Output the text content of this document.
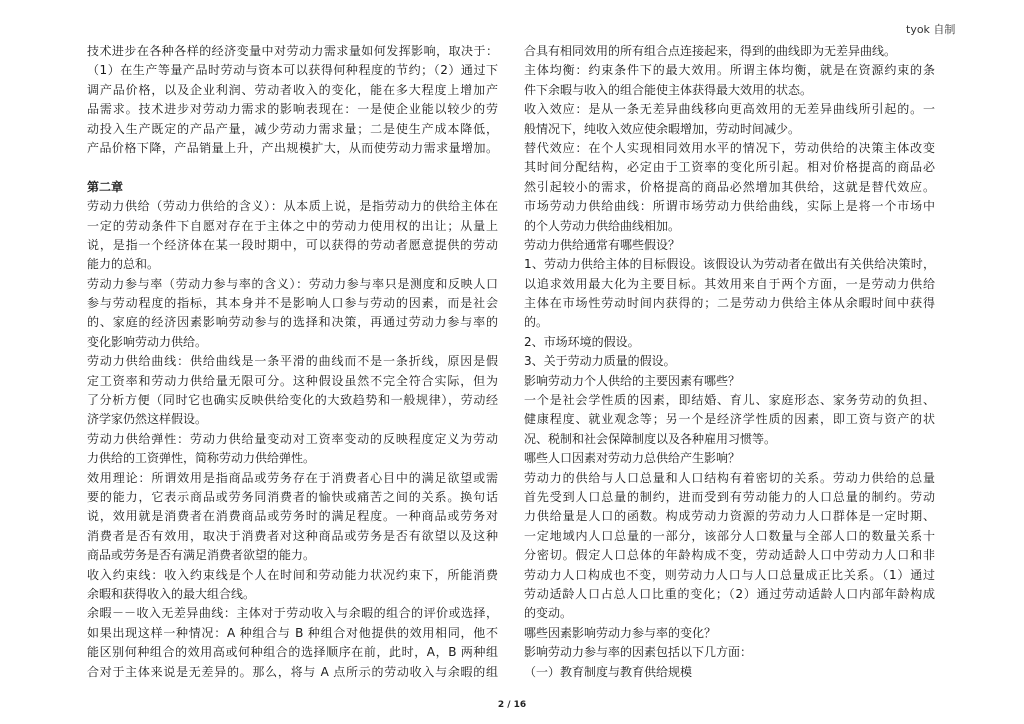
tyok 自制
技术进步在各种各样的经济变量中对劳动力需求量如何发挥影响，取决于：
（1）在生产等量产品时劳动与资本可以获得何种程度的节约；（2）通过下
调产品价格，以及企业利润、劳动者收入的变化，能在多大程度上增加产
品需求。技术进步对劳动力需求的影响表现在：一是使企业能以较少的劳
动投入生产既定的产品产量，减少劳动力需求量；二是使生产成本降低，
产品价格下降，产品销量上升，产出规模扩大，从而使劳动力需求量增加。
第二章
劳动力供给（劳动力供给的含义）：从本质上说，是指劳动力的供给主体在
一定的劳动条件下自愿对存在于主体之中的劳动力使用权的出让；从量上
说，是指一个经济体在某一段时期中，可以获得的劳动者愿意提供的劳动
能力的总和。
劳动力参与率（劳动力参与率的含义）：劳动力参与率只是测度和反映人口
参与劳动程度的指标，其本身并不是影响人口参与劳动的因素，而是社会
的、家庭的经济因素影响劳动参与的选择和决策，再通过劳动力参与率的
变化影响劳动力供给。
劳动力供给曲线：供给曲线是一条平滑的曲线而不是一条折线，原因是假
定工资率和劳动力供给量无限可分。这种假设虽然不完全符合实际，但为
了分析方便（同时它也确实反映供给变化的大致趋势和一般规律），劳动经
济学家仍然这样假设。
劳动力供给弹性：劳动力供给量变动对工资率变动的反映程度定义为劳动
力供给的工资弹性，简称劳动力供给弹性。
效用理论：所谓效用是指商品或劳务存在于消费者心目中的满足欲望或需
要的能力，它表示商品或劳务同消费者的愉快或痛苦之间的关系。换句话
说，效用就是消费者在消费商品或劳务时的满足程度。一种商品或劳务对
消费者是否有效用，取决于消费者对这种商品或劳务是否有欲望以及这种
商品或劳务是否有满足消费者欲望的能力。
收入约束线：收入约束线是个人在时间和劳动能力状况约束下，所能消费
余暇和获得收入的最大组合线。
余暇－－收入无差异曲线：主体对于劳动收入与余暇的组合的评价或选择，
如果出现这样一种情况：A 种组合与 B 种组合对他提供的效用相同，他不
能区别何种组合的效用高或何种组合的选择顺序在前，此时，A，B 两种组
合对于主体来说是无差异的。那么，将与 A 点所示的劳动收入与余暇的组
合具有相同效用的所有组合点连接起来，得到的曲线即为无差异曲线。
主体均衡：约束条件下的最大效用。所谓主体均衡，就是在资源约束的条
件下余暇与收入的组合能使主体获得最大效用的状态。
收入效应：是从一条无差异曲线移向更高效用的无差异曲线所引起的。一
般情况下，纯收入效应使余暇增加，劳动时间减少。
替代效应：在个人实现相同效用水平的情况下，劳动供给的决策主体改变
其时间分配结构，必定由于工资率的变化所引起。相对价格提高的商品必
然引起较小的需求，价格提高的商品必然增加其供给，这就是替代效应。
市场劳动力供给曲线：所谓市场劳动力供给曲线，实际上是将一个市场中
的个人劳动力供给曲线相加。
劳动力供给通常有哪些假设？
1、劳动力供给主体的目标假设。该假设认为劳动者在做出有关供给决策时，
以追求效用最大化为主要目标。其效用来自于两个方面，一是劳动力供给
主体在市场性劳动时间内获得的；二是劳动力供给主体从余暇时间中获得
的。
2、市场环境的假设。
3、关于劳动力质量的假设。
影响劳动力个人供给的主要因素有哪些？
一个是社会学性质的因素，即结婚、育儿、家庭形态、家务劳动的负担、
健康程度、就业观念等；另一个是经济学性质的因素，即工资与资产的状
况、税制和社会保障制度以及各种雇用习惯等。
哪些人口因素对劳动力总供给产生影响？
劳动力的供给与人口总量和人口结构有着密切的关系。劳动力供给的总量
首先受到人口总量的制约，进而受到有劳动能力的人口总量的制约。劳动
力供给量是人口的函数。构成劳动力资源的劳动力人口群体是一定时期、
一定地域内人口总量的一部分，该部分人口数量与全部人口的数量关系十
分密切。假定人口总体的年龄构成不变，劳动适龄人口中劳动力人口和非
劳动力人口构成也不变，则劳动力人口与人口总量成正比关系。（1）通过
劳动适龄人口占总人口比重的变化；（2）通过劳动适龄人口内部年龄构成
的变动。
哪些因素影响劳动力参与率的变化？
影响劳动力参与率的因素包括以下几方面：
（一）教育制度与教育供给规模
2 / 16
